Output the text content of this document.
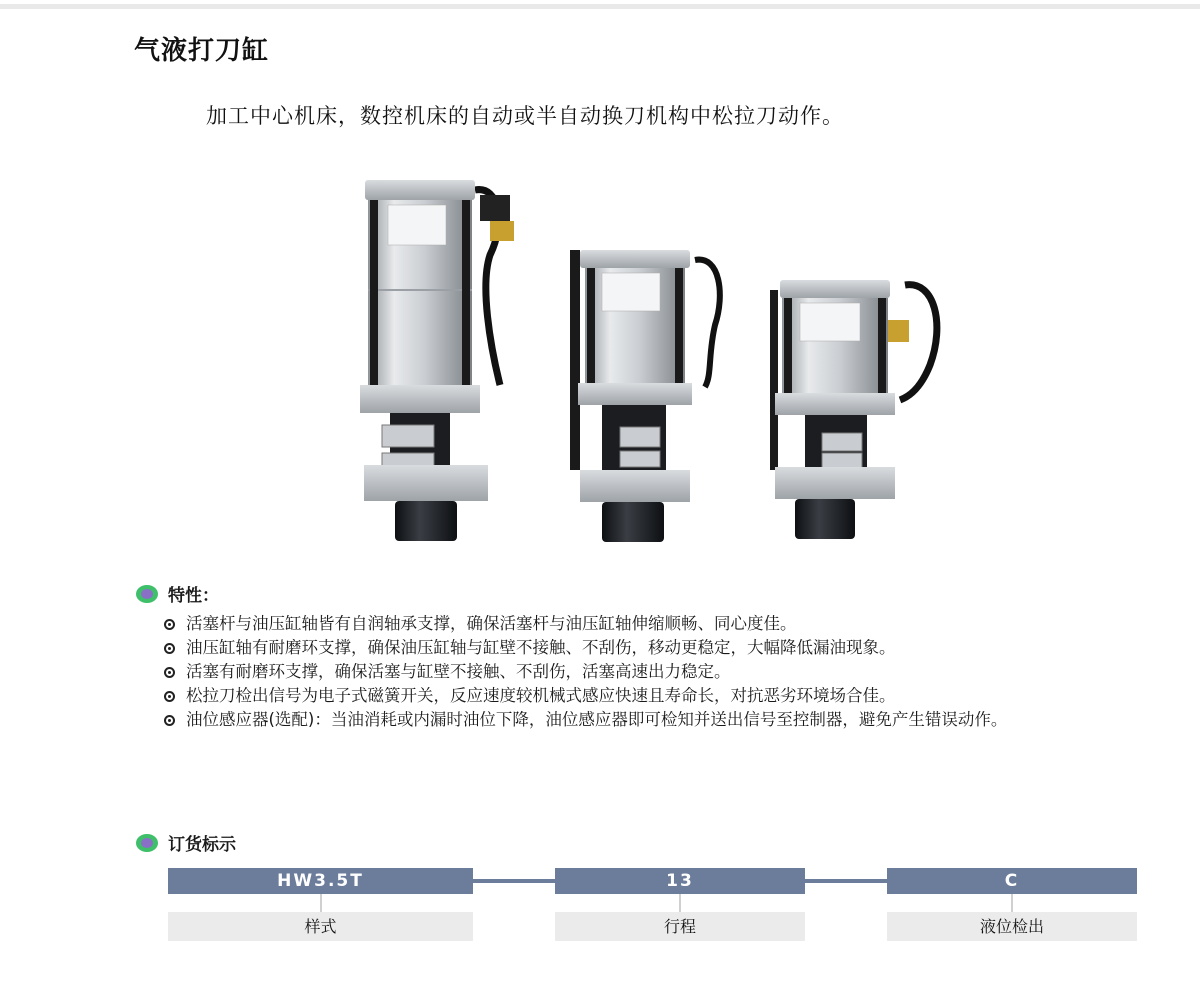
气液打刀缸

加工中心机床，数控机床的自动或半自动换刀机构中松拉刀动作。

特性：
活塞杆与油压缸轴皆有自润轴承支撑，确保活塞杆与油压缸轴伸缩顺畅、同心度佳。
油压缸轴有耐磨环支撑，确保油压缸轴与缸壁不接触、不刮伤，移动更稳定，大幅降低漏油现象。
活塞有耐磨环支撑，确保活塞与缸壁不接触、不刮伤，活塞高速出力稳定。
松拉刀检出信号为电子式磁簧开关，反应速度较机械式感应快速且寿命长，对抗恶劣环境场合佳。
油位感应器(选配)：当油消耗或内漏时油位下降，油位感应器即可检知并送出信号至控制器，避免产生错误动作。
订货标示
HW3.5T	13	C
样式	行程	液位检出
